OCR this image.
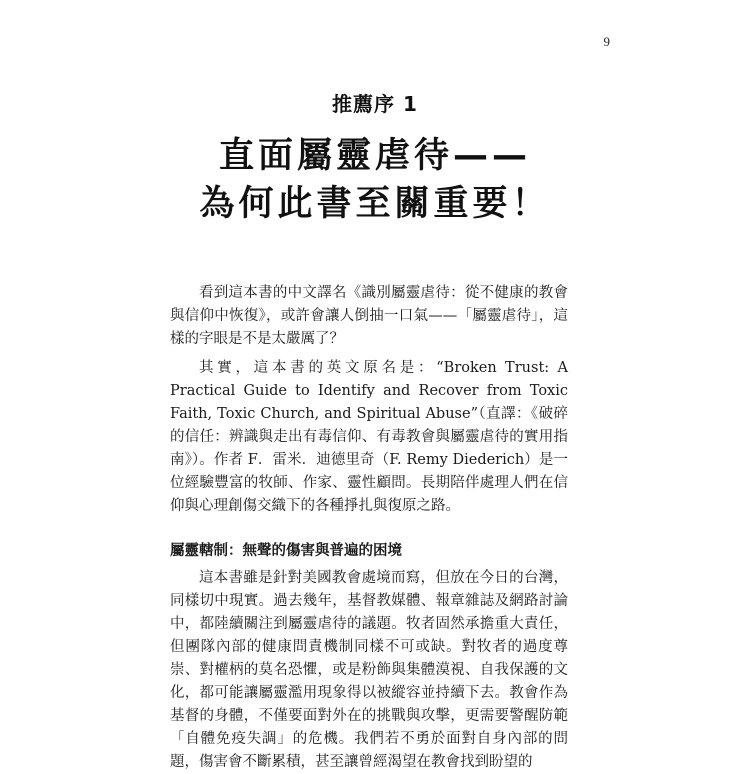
9
推薦序 1
直面屬靈虐待——
為何此書至關重要！

看到這本書的中文譯名《識別屬靈虐待：從不健康的教會與信仰中恢復》，或許會讓人倒抽一口氣——「屬靈虐待」，這樣的字眼是不是太嚴厲了？

其實，這本書的英文原名是：“Broken Trust: A Practical Guide to Identify and Recover from Toxic Faith, Toxic Church, and Spiritual Abuse”（直譯：《破碎的信任：辨識與走出有毒信仰、有毒教會與屬靈虐待的實用指南》）。作者 F．雷米．迪德里奇（F. Remy Diederich）是一位經驗豐富的牧師、作家、靈性顧問。長期陪伴處理人們在信仰與心理創傷交織下的各種掙扎與復原之路。

屬靈轄制：無聲的傷害與普遍的困境

這本書雖是針對美國教會處境而寫，但放在今日的台灣，同樣切中現實。過去幾年，基督教媒體、報章雜誌及網路討論中，都陸續關注到屬靈虐待的議題。牧者固然承擔重大責任，但團隊內部的健康問責機制同樣不可或缺。對牧者的過度尊崇、對權柄的莫名恐懼，或是粉飾與集體漠視、自我保護的文化，都可能讓屬靈濫用現象得以被縱容並持續下去。教會作為基督的身體，不僅要面對外在的挑戰與攻擊，更需要警醒防範「自體免疫失調」的危機。我們若不勇於面對自身內部的問題，傷害會不斷累積，甚至讓曾經渴望在教會找到盼望的
